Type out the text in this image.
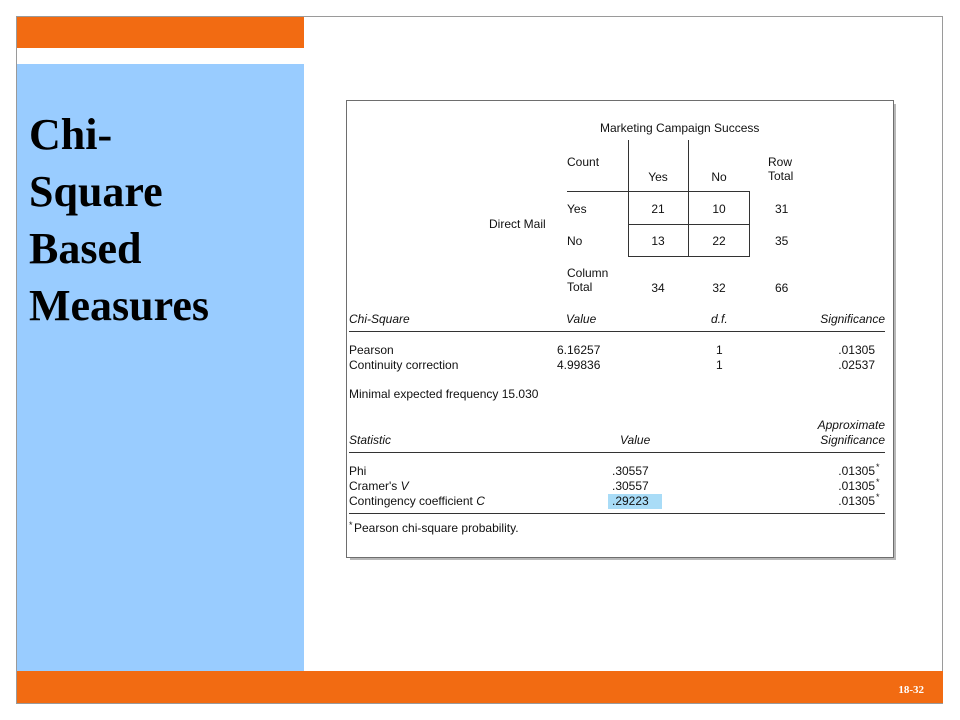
Chi-
Square
Based
Measures
18-32
Marketing Campaign Success
Count
Yes	No
Row
Total
Direct Mail
Yes	21	10	31
No	13	22	35
Column
Total	34	32	66
Chi-Square	Value	d.f.	Significance
Pearson	6.16257	1	.01305
Continuity correction	4.99836	1	.02537
Minimal expected frequency 15.030
Approximate
Statistic	Value	Significance
Phi	.30557	.01305 *
Cramer's V	.30557	.01305 *
Contingency coefficient C	.29223	.01305 *
* Pearson chi-square probability.
